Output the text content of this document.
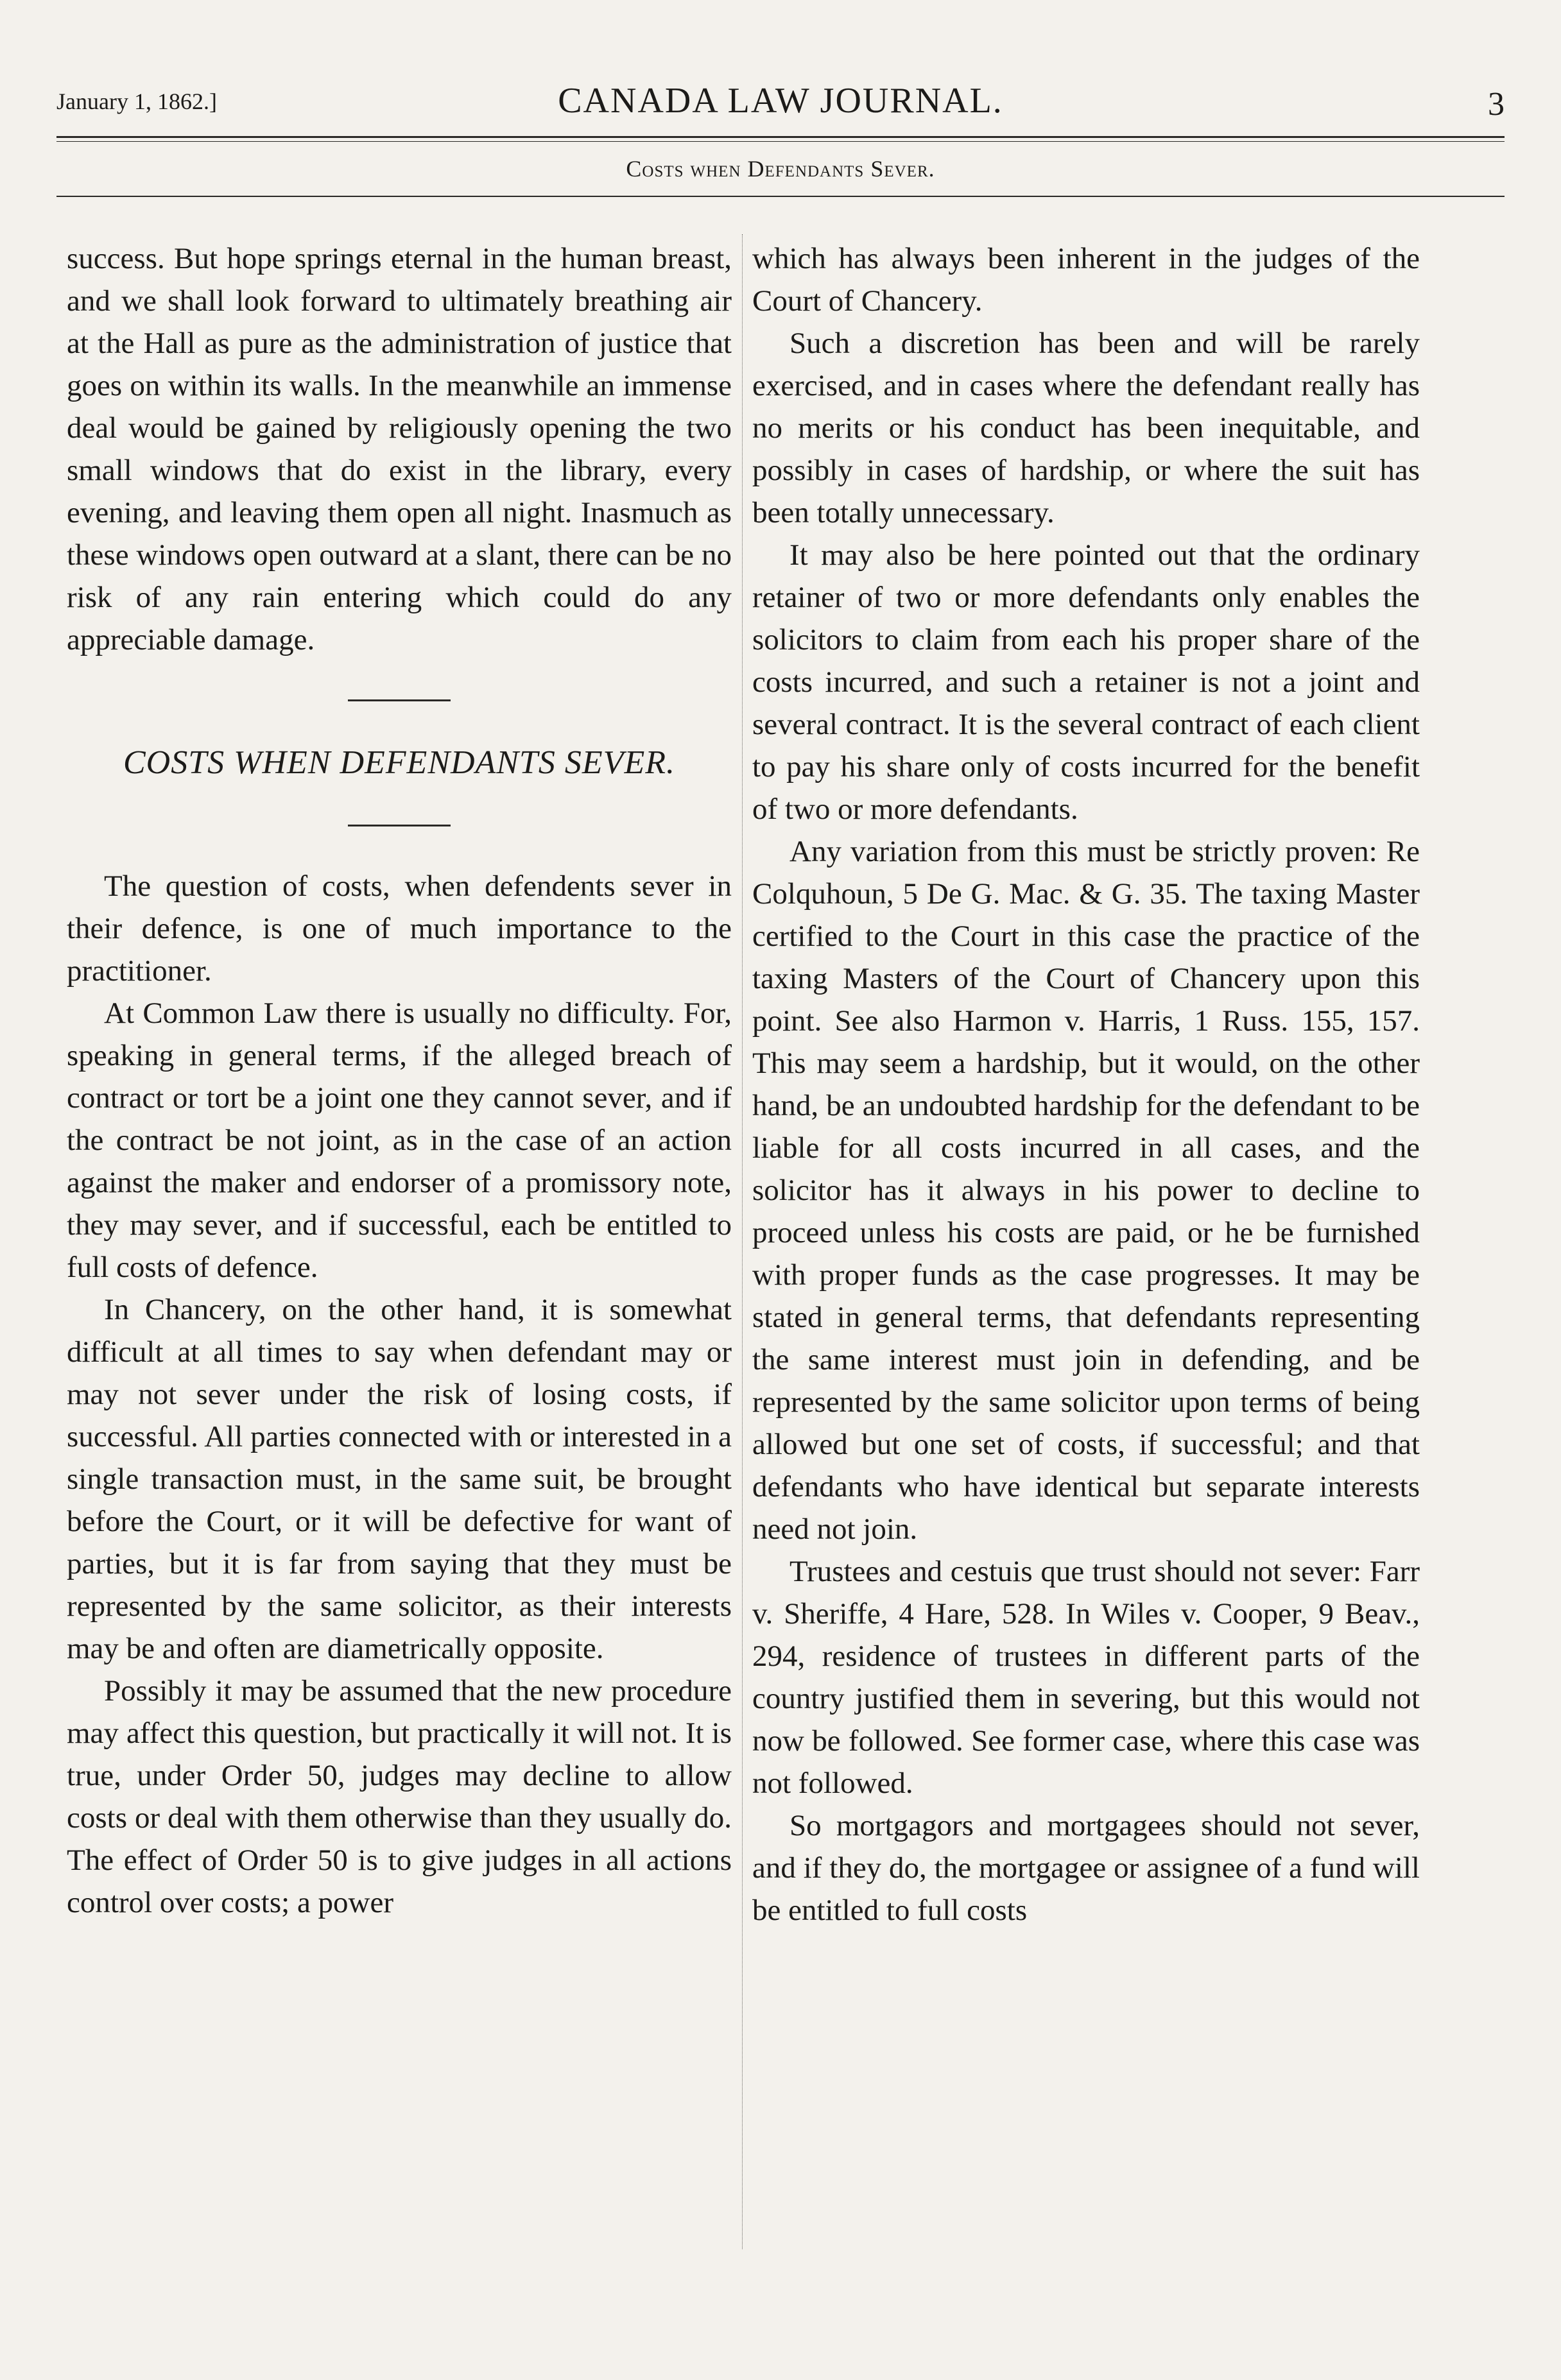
January 1, 1862.]	CANADA LAW JOURNAL.	3
Costs when Defendants Sever.

success. But hope springs eternal in the human breast, and we shall look forward to ultimately breathing air at the Hall as pure as the administration of justice that goes on within its walls. In the meanwhile an immense deal would be gained by religiously opening the two small windows that do exist in the library, every evening, and leaving them open all night. Inasmuch as these windows open outward at a slant, there can be no risk of any rain entering which could do any appreciable damage.

COSTS WHEN DEFENDANTS SEVER.

The question of costs, when defendents sever in their defence, is one of much importance to the practitioner.

At Common Law there is usually no difficulty. For, speaking in general terms, if the alleged breach of contract or tort be a joint one they cannot sever, and if the contract be not joint, as in the case of an action against the maker and endorser of a promissory note, they may sever, and if successful, each be entitled to full costs of defence.

In Chancery, on the other hand, it is somewhat difficult at all times to say when defendant may or may not sever under the risk of losing costs, if successful. All parties connected with or interested in a single transaction must, in the same suit, be brought before the Court, or it will be defective for want of parties, but it is far from saying that they must be represented by the same solicitor, as their interests may be and often are diametrically opposite.

Possibly it may be assumed that the new procedure may affect this question, but practically it will not. It is true, under Order 50, judges may decline to allow costs or deal with them otherwise than they usually do. The effect of Order 50 is to give judges in all actions control over costs; a power

which has always been inherent in the judges of the Court of Chancery.

Such a discretion has been and will be rarely exercised, and in cases where the defendant really has no merits or his conduct has been inequitable, and possibly in cases of hardship, or where the suit has been totally unnecessary.

It may also be here pointed out that the ordinary retainer of two or more defendants only enables the solicitors to claim from each his proper share of the costs incurred, and such a retainer is not a joint and several contract. It is the several contract of each client to pay his share only of costs incurred for the benefit of two or more defendants.

Any variation from this must be strictly proven: Re Colquhoun, 5 De G. Mac. & G. 35. The taxing Master certified to the Court in this case the practice of the taxing Masters of the Court of Chancery upon this point. See also Harmon v. Harris, 1 Russ. 155, 157. This may seem a hardship, but it would, on the other hand, be an undoubted hardship for the defendant to be liable for all costs incurred in all cases, and the solicitor has it always in his power to decline to proceed unless his costs are paid, or he be furnished with proper funds as the case progresses. It may be stated in general terms, that defendants representing the same interest must join in defending, and be represented by the same solicitor upon terms of being allowed but one set of costs, if successful; and that defendants who have identical but separate interests need not join.

Trustees and cestuis que trust should not sever: Farr v. Sheriffe, 4 Hare, 528. In Wiles v. Cooper, 9 Beav., 294, residence of trustees in different parts of the country justified them in severing, but this would not now be followed. See former case, where this case was not followed.

So mortgagors and mortgagees should not sever, and if they do, the mortgagee or assignee of a fund will be entitled to full costs
